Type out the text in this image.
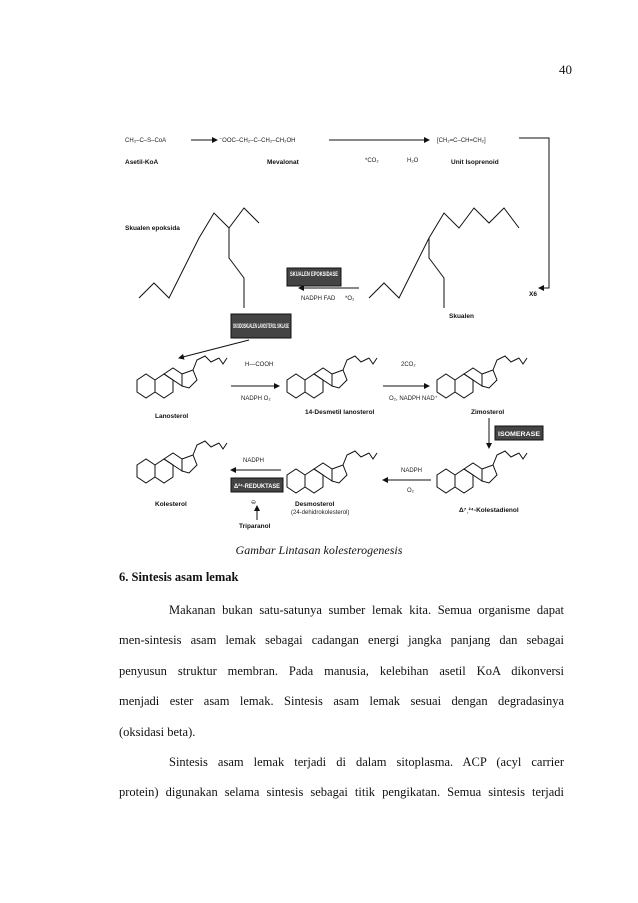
40
CH₃–C–S–CoA
Asetil-KoA
⁻OOC–CH₂–C–CH₂–CH₂OH
Mevalonat	*CO₂	H₂O
[CH₂=C–CH=CH₂]
Unit Isoprenoid
X6
Skualen epoksida
Skualen
SKUALEN EPOKSIDASE
NADPH FAD *O₂
OKSIDOSKUALEN LANOSTEROL SIKLASE
Lanosterol
H—COOH
NADPH O₂
14-Desmetil lanosterol
2CO₂
O₂, NADPH NAD⁺
Zimosterol
ISOMERASE
Δ⁷ˏ²⁴-Kolestadienol
NADPH
O₂
Desmosterol
(24-dehidrokolesterol)
NADPH
Δ²⁴-REDUKTASE
⊖
Triparanol
Kolesterol
Gambar Lintasan kolesterogenesis
6. Sintesis asam lemak
Makanan bukan satu-satunya sumber lemak kita. Semua organisme dapat
men-sintesis asam lemak sebagai cadangan energi jangka panjang dan sebagai
penyusun struktur membran. Pada manusia, kelebihan asetil KoA dikonversi
menjadi ester asam lemak. Sintesis asam lemak sesuai dengan degradasinya
(oksidasi beta).
Sintesis asam lemak terjadi di dalam sitoplasma. ACP (acyl carrier
protein) digunakan selama sintesis sebagai titik pengikatan. Semua sintesis terjadi
